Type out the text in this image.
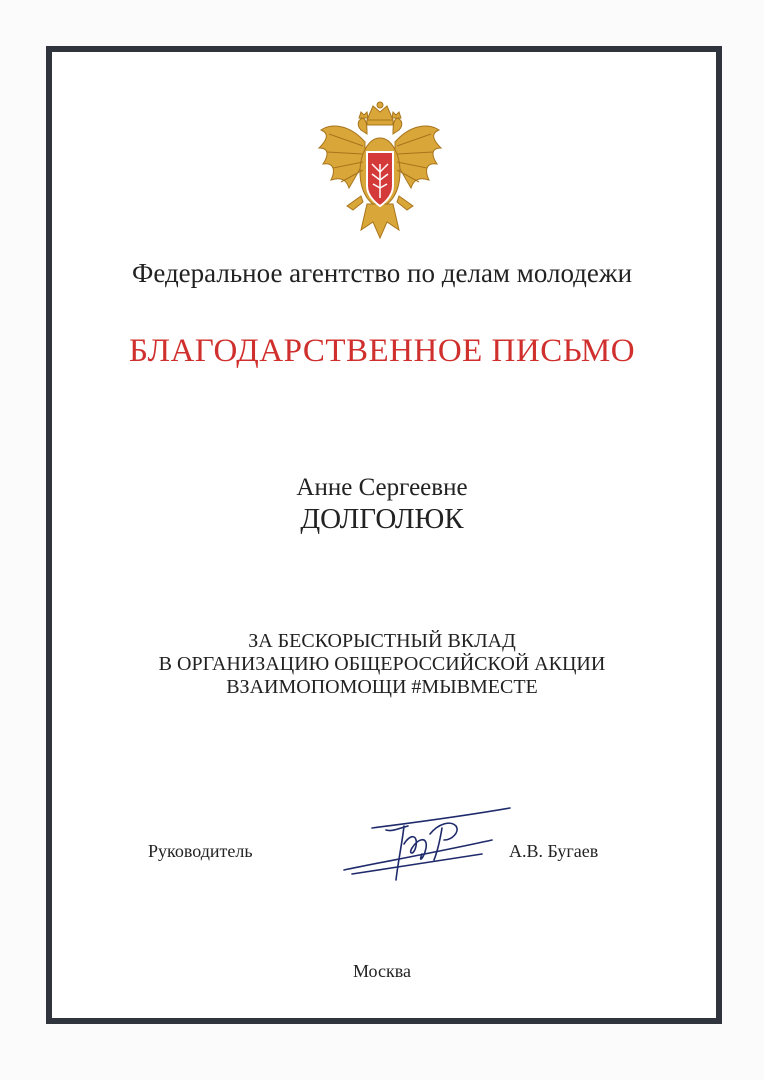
Федеральное агентство по делам молодежи
БЛАГОДАРСТВЕННОЕ ПИСЬМО
Анне Сергеевне
ДОЛГОЛЮК
ЗА БЕСКОРЫСТНЫЙ ВКЛАД
В ОРГАНИЗАЦИЮ ОБЩЕРОССИЙСКОЙ АКЦИИ
ВЗАИМОПОМОЩИ #МЫВМЕСТЕ
Руководитель	А.В. Бугаев
Москва
